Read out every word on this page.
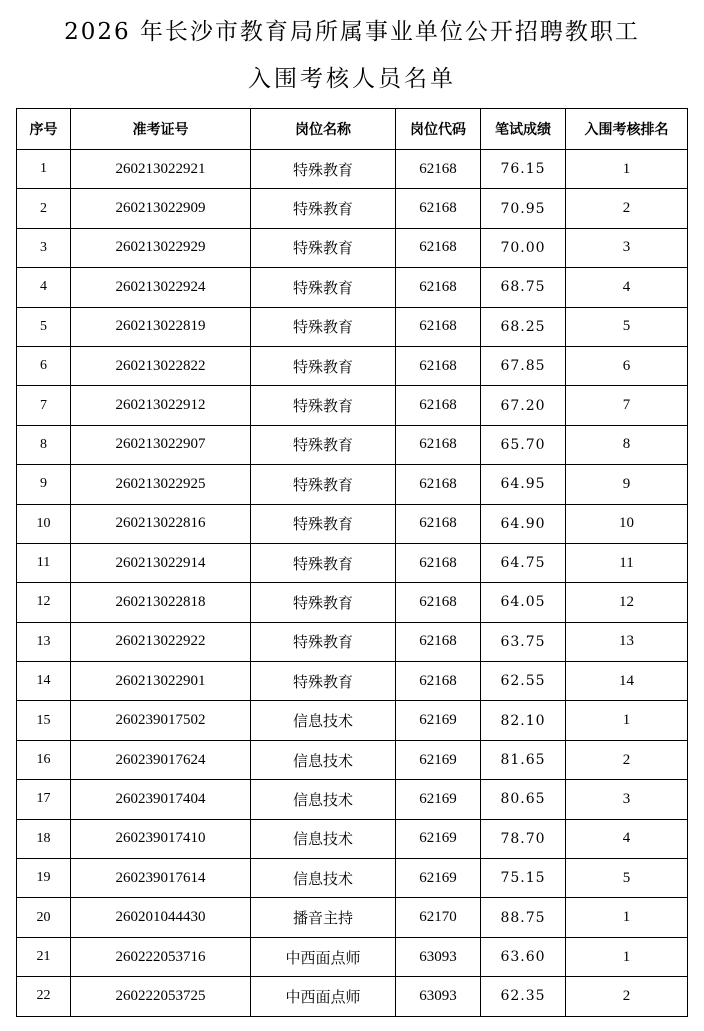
2026 年长沙市教育局所属事业单位公开招聘教职工
入围考核人员名单
序号	准考证号	岗位名称	岗位代码	笔试成绩	入围考核排名
1	260213022921	特殊教育	62168	76.15	1
2	260213022909	特殊教育	62168	70.95	2
3	260213022929	特殊教育	62168	70.00	3
4	260213022924	特殊教育	62168	68.75	4
5	260213022819	特殊教育	62168	68.25	5
6	260213022822	特殊教育	62168	67.85	6
7	260213022912	特殊教育	62168	67.20	7
8	260213022907	特殊教育	62168	65.70	8
9	260213022925	特殊教育	62168	64.95	9
10	260213022816	特殊教育	62168	64.90	10
11	260213022914	特殊教育	62168	64.75	11
12	260213022818	特殊教育	62168	64.05	12
13	260213022922	特殊教育	62168	63.75	13
14	260213022901	特殊教育	62168	62.55	14
15	260239017502	信息技术	62169	82.10	1
16	260239017624	信息技术	62169	81.65	2
17	260239017404	信息技术	62169	80.65	3
18	260239017410	信息技术	62169	78.70	4
19	260239017614	信息技术	62169	75.15	5
20	260201044430	播音主持	62170	88.75	1
21	260222053716	中西面点师	63093	63.60	1
22	260222053725	中西面点师	63093	62.35	2
